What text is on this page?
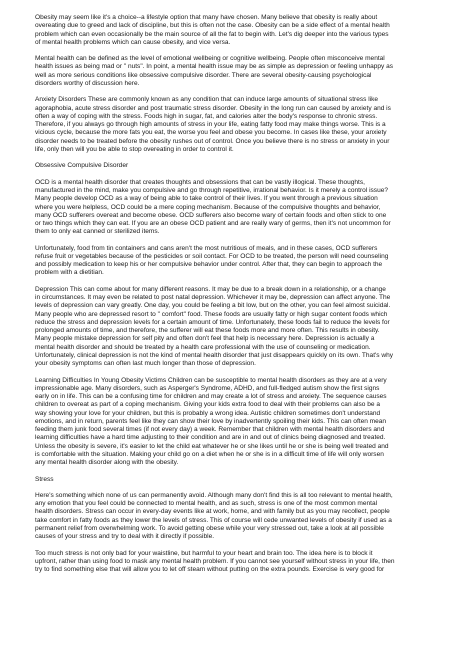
Obesity may seem like it's a choice--a lifestyle option that many have chosen. Many believe that obesity is really about
overeating due to greed and lack of discipline, but this is often not the case. Obesity can be a side effect of a mental health
problem which can even occasionally be the main source of all the fat to begin with. Let's dig deeper into the various types
of mental health problems which can cause obesity, and vice versa.
Mental health can be defined as the level of emotional wellbeing or cognitive wellbeing. People often misconceive mental
health issues as being mad or " nuts". In point, a mental health issue may be as simple as depression or feeling unhappy as
well as more serious conditions like obsessive compulsive disorder. There are several obesity-causing psychological
disorders worthy of discussion here.
Anxiety Disorders These are commonly known as any condition that can induce large amounts of situational stress like
agoraphobia, acute stress disorder and post traumatic stress disorder. Obesity in the long run can caused by anxiety and is
often a way of coping with the stress. Foods high in sugar, fat, and calories alter the body's response to chronic stress.
Therefore, if you always go through high amounts of stress in your life, eating fatty food may make things worse. This is a
vicious cycle, because the more fats you eat, the worse you feel and obese you become. In cases like these, your anxiety
disorder needs to be treated before the obesity rushes out of control. Once you believe there is no stress or anxiety in your
life, only then will you be able to stop overeating in order to control it.
Obsessive Compulsive Disorder
OCD is a mental health disorder that creates thoughts and obsessions that can be vastly illogical. These thoughts,
manufactured in the mind, make you compulsive and go through repetitive, irrational behavior. Is it merely a control issue?
Many people develop OCD as a way of being able to take control of their lives. If you went through a previous situation
where you were helpless, OCD could be a mere coping mechanism. Because of the compulsive thoughts and behavior,
many OCD sufferers overeat and become obese. OCD sufferers also become wary of certain foods and often stick to one
or two things which they can eat. If you are an obese OCD patient and are really wary of germs, then it's not uncommon for
them to only eat canned or sterilized items.
Unfortunately, food from tin containers and cans aren't the most nutritious of meals, and in these cases, OCD sufferers
refuse fruit or vegetables because of the pesticides or soil contact. For OCD to be treated, the person will need counseling
and possibly medication to keep his or her compulsive behavior under control. After that, they can begin to approach the
problem with a dietitian.
Depression This can come about for many different reasons. It may be due to a break down in a relationship, or a change
in circumstances. It may even be related to post natal depression. Whichever it may be, depression can affect anyone. The
levels of depression can vary greatly. One day, you could be feeling a bit low, but on the other, you can feel almost suicidal.
Many people who are depressed resort to " comfort" food. These foods are usually fatty or high sugar content foods which
reduce the stress and depression levels for a certain amount of time. Unfortunately, these foods fail to reduce the levels for
prolonged amounts of time, and therefore, the sufferer will eat these foods more and more often. This results in obesity.
Many people mistake depression for self pity and often don't feel that help is necessary here. Depression is actually a
mental health disorder and should be treated by a health care professional with the use of counseling or medication.
Unfortunately, clinical depression is not the kind of mental health disorder that just disappears quickly on its own. That's why
your obesity symptoms can often last much longer than those of depression.
Learning Difficulties In Young Obesity Victims Children can be susceptible to mental health disorders as they are at a very
impressionable age. Many disorders, such as Asperger's Syndrome, ADHD, and full-fledged autism show the first signs
early on in life. This can be a confusing time for children and may create a lot of stress and anxiety. The sequence causes
children to overeat as part of a coping mechanism. Giving your kids extra food to deal with their problems can also be a
way showing your love for your children, but this is probably a wrong idea. Autistic children sometimes don't understand
emotions, and in return, parents feel like they can show their love by inadvertently spoiling their kids. This can often mean
feeding them junk food several times (if not every day) a week. Remember that children with mental health disorders and
learning difficulties have a hard time adjusting to their condition and are in and out of clinics being diagnosed and treated.
Unless the obesity is severe, it's easier to let the child eat whatever he or she likes until he or she is being well treated and
is comfortable with the situation. Making your child go on a diet when he or she is in a difficult time of life will only worsen
any mental health disorder along with the obesity.
Stress
Here's something which none of us can permanently avoid. Although many don't find this is all too relevant to mental health,
any emotion that you feel could be connected to mental health, and as such, stress is one of the most common mental
health disorders. Stress can occur in every-day events like at work, home, and with family but as you may recollect, people
take comfort in fatty foods as they lower the levels of stress. This of course will cede unwanted levels of obesity if used as a
permanent relief from overwhelming work. To avoid getting obese while your very stressed out, take a look at all possible
causes of your stress and try to deal with it directly if possible.
Too much stress is not only bad for your waistline, but harmful to your heart and brain too. The idea here is to block it
upfront, rather than using food to mask any mental health problem. If you cannot see yourself without stress in your life, then
try to find something else that will allow you to let off steam without putting on the extra pounds. Exercise is very good for
